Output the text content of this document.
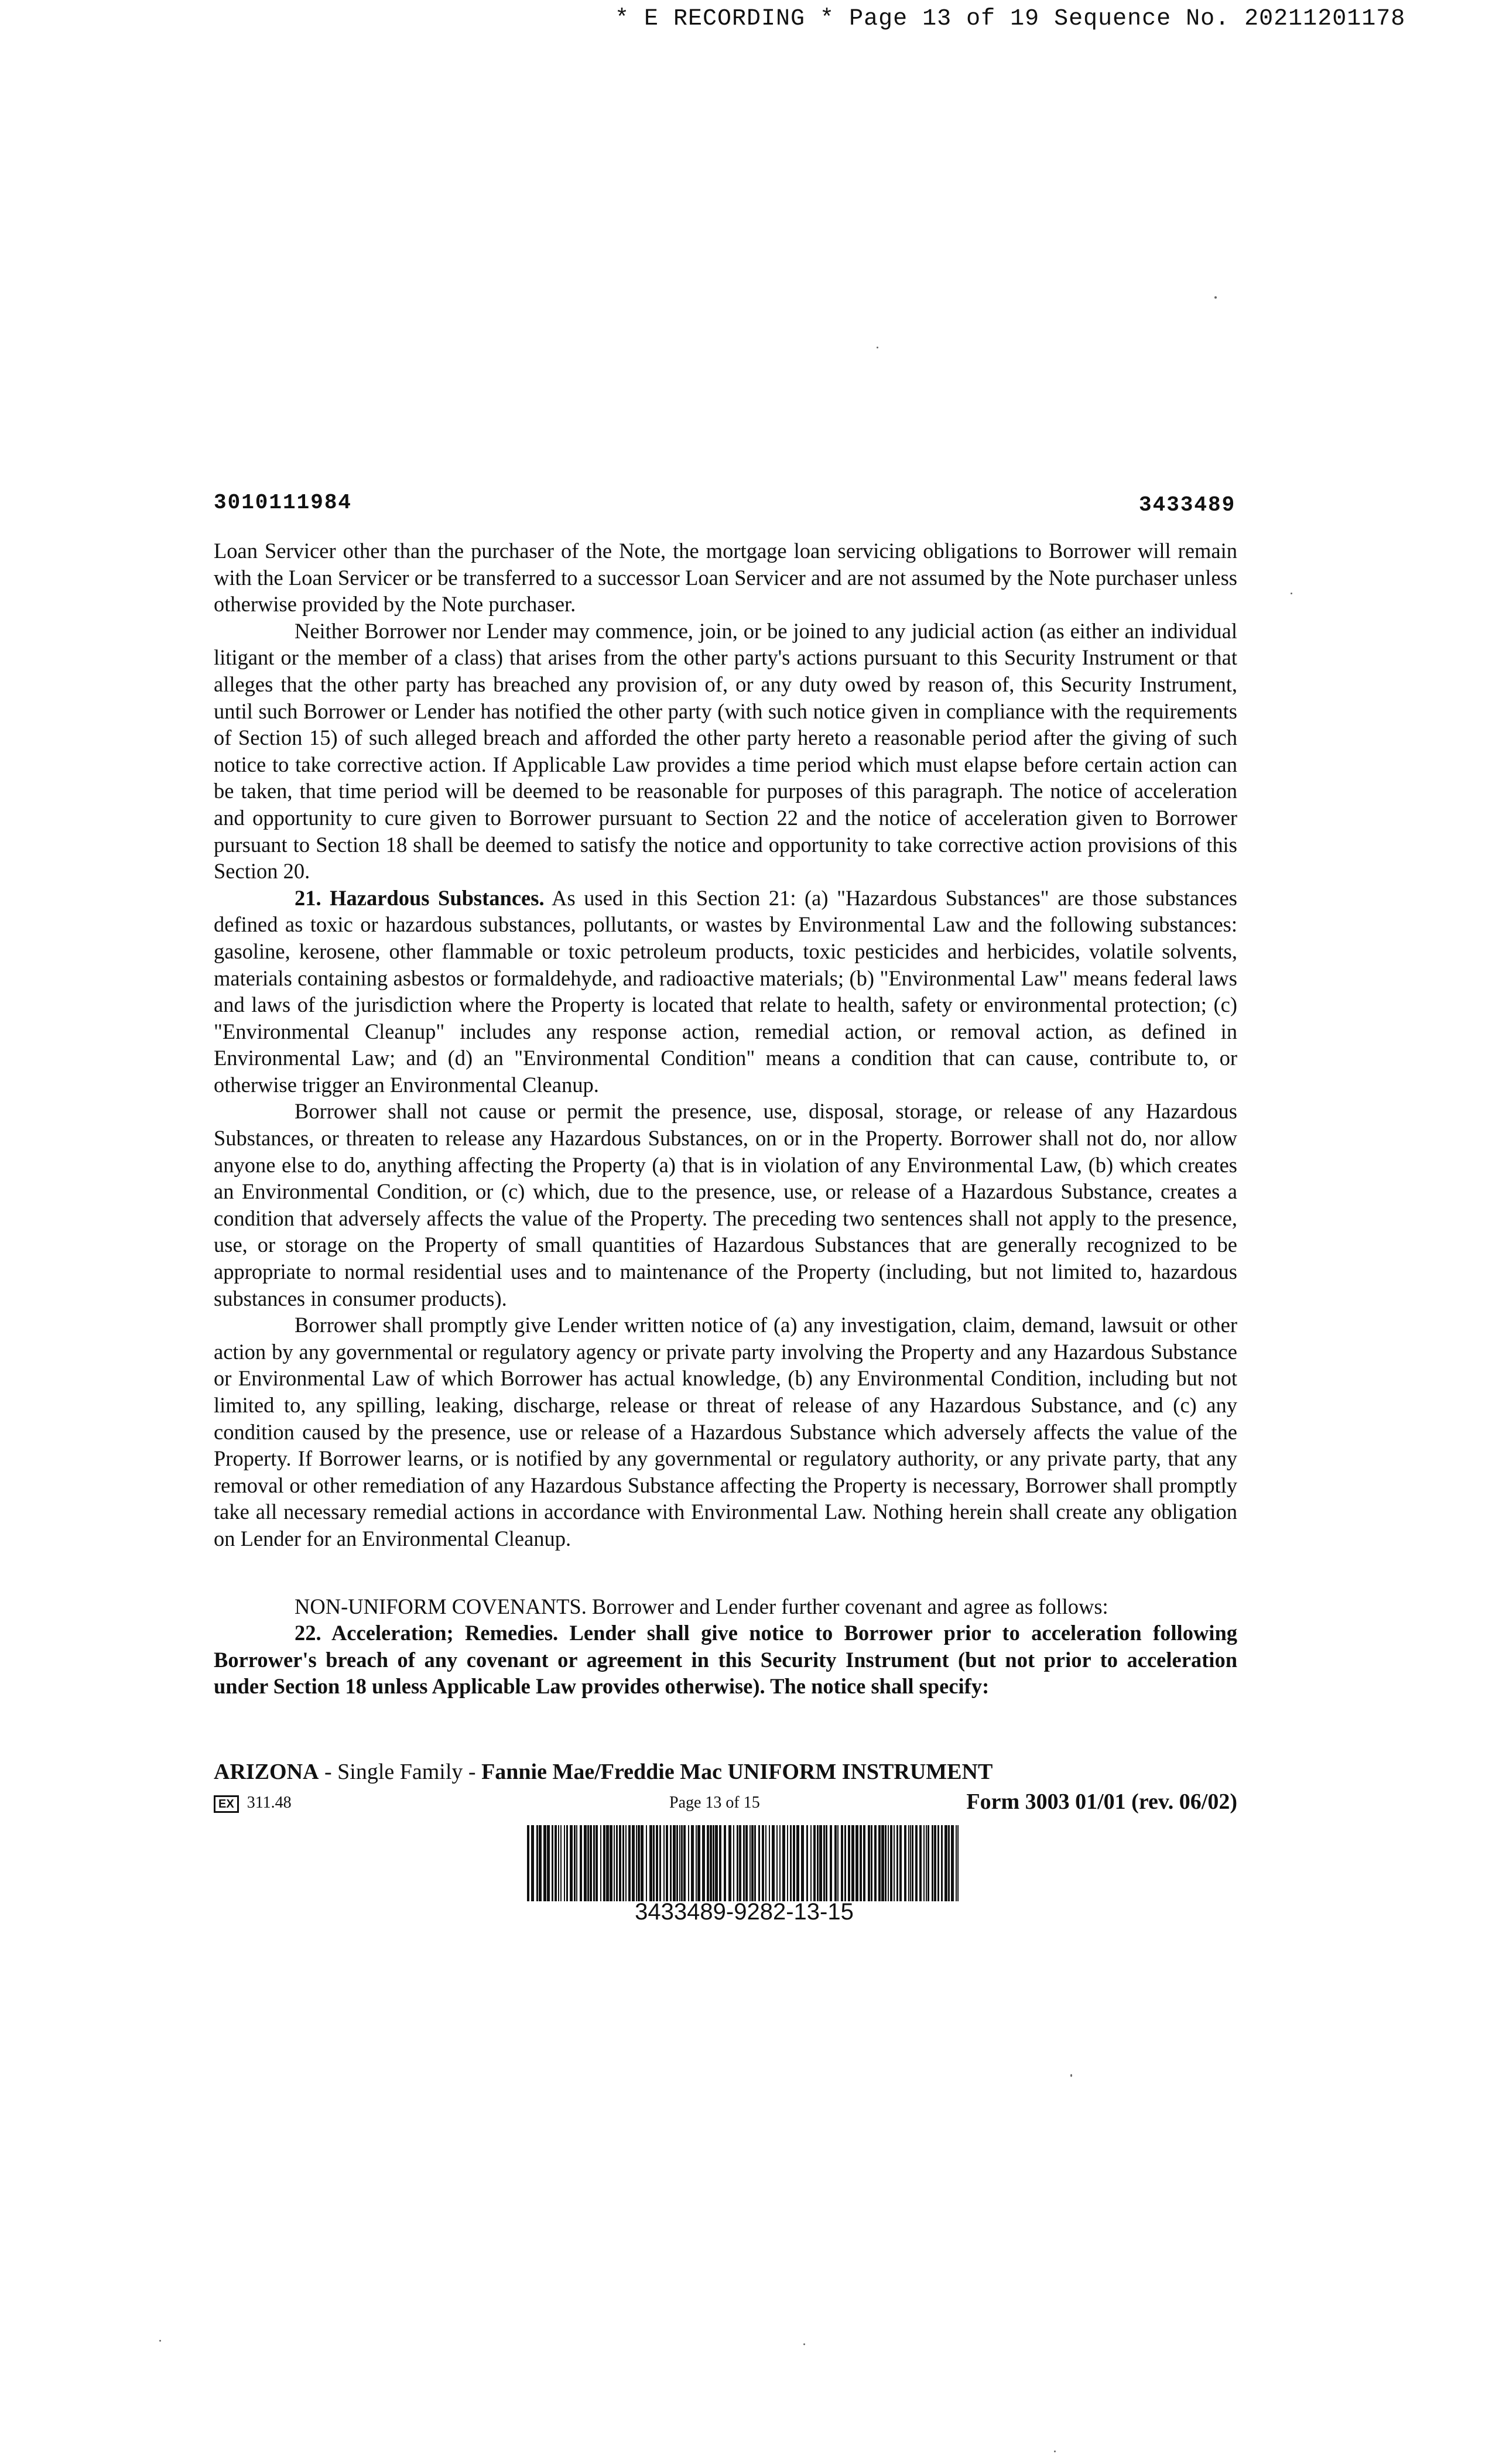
* E RECORDING * Page 13 of 19 Sequence No. 20211201178
3010111984	3433489

Loan Servicer other than the purchaser of the Note, the mortgage loan servicing obligations to Borrower will remain with the Loan Servicer or be transferred to a successor Loan Servicer and are not assumed by the Note purchaser unless otherwise provided by the Note purchaser.

Neither Borrower nor Lender may commence, join, or be joined to any judicial action (as either an individual litigant or the member of a class) that arises from the other party's actions pursuant to this Security Instrument or that alleges that the other party has breached any provision of, or any duty owed by reason of, this Security Instrument, until such Borrower or Lender has notified the other party (with such notice given in compliance with the requirements of Section 15) of such alleged breach and afforded the other party hereto a reasonable period after the giving of such notice to take corrective action. If Applicable Law provides a time period which must elapse before certain action can be taken, that time period will be deemed to be reasonable for purposes of this paragraph. The notice of acceleration and opportunity to cure given to Borrower pursuant to Section 22 and the notice of acceleration given to Borrower pursuant to Section 18 shall be deemed to satisfy the notice and opportunity to take corrective action provisions of this Section 20.

21. Hazardous Substances. As used in this Section 21: (a) "Hazardous Substances" are those substances defined as toxic or hazardous substances, pollutants, or wastes by Environmental Law and the following substances: gasoline, kerosene, other flammable or toxic petroleum products, toxic pesticides and herbicides, volatile solvents, materials containing asbestos or formaldehyde, and radioactive materials; (b) "Environmental Law" means federal laws and laws of the jurisdiction where the Property is located that relate to health, safety or environmental protection; (c) "Environmental Cleanup" includes any response action, remedial action, or removal action, as defined in Environmental Law; and (d) an "Environmental Condition" means a condition that can cause, contribute to, or otherwise trigger an Environmental Cleanup.

Borrower shall not cause or permit the presence, use, disposal, storage, or release of any Hazardous Substances, or threaten to release any Hazardous Substances, on or in the Property. Borrower shall not do, nor allow anyone else to do, anything affecting the Property (a) that is in violation of any Environmental Law, (b) which creates an Environmental Condition, or (c) which, due to the presence, use, or release of a Hazardous Substance, creates a condition that adversely affects the value of the Property. The preceding two sentences shall not apply to the presence, use, or storage on the Property of small quantities of Hazardous Substances that are generally recognized to be appropriate to normal residential uses and to maintenance of the Property (including, but not limited to, hazardous substances in consumer products).

Borrower shall promptly give Lender written notice of (a) any investigation, claim, demand, lawsuit or other action by any governmental or regulatory agency or private party involving the Property and any Hazardous Substance or Environmental Law of which Borrower has actual knowledge, (b) any Environmental Condition, including but not limited to, any spilling, leaking, discharge, release or threat of release of any Hazardous Substance, and (c) any condition caused by the presence, use or release of a Hazardous Substance which adversely affects the value of the Property. If Borrower learns, or is notified by any governmental or regulatory authority, or any private party, that any removal or other remediation of any Hazardous Substance affecting the Property is necessary, Borrower shall promptly take all necessary remedial actions in accordance with Environmental Law. Nothing herein shall create any obligation on Lender for an Environmental Cleanup.

NON-UNIFORM COVENANTS. Borrower and Lender further covenant and agree as follows:

22. Acceleration; Remedies. Lender shall give notice to Borrower prior to acceleration following Borrower's breach of any covenant or agreement in this Security Instrument (but not prior to acceleration under Section 18 unless Applicable Law provides otherwise). The notice shall specify:

ARIZONA - Single Family - Fannie Mae/Freddie Mac UNIFORM INSTRUMENT
EX 311.48	Page 13 of 15	Form 3003 01/01 (rev. 06/02)
3433489-9282-13-15
